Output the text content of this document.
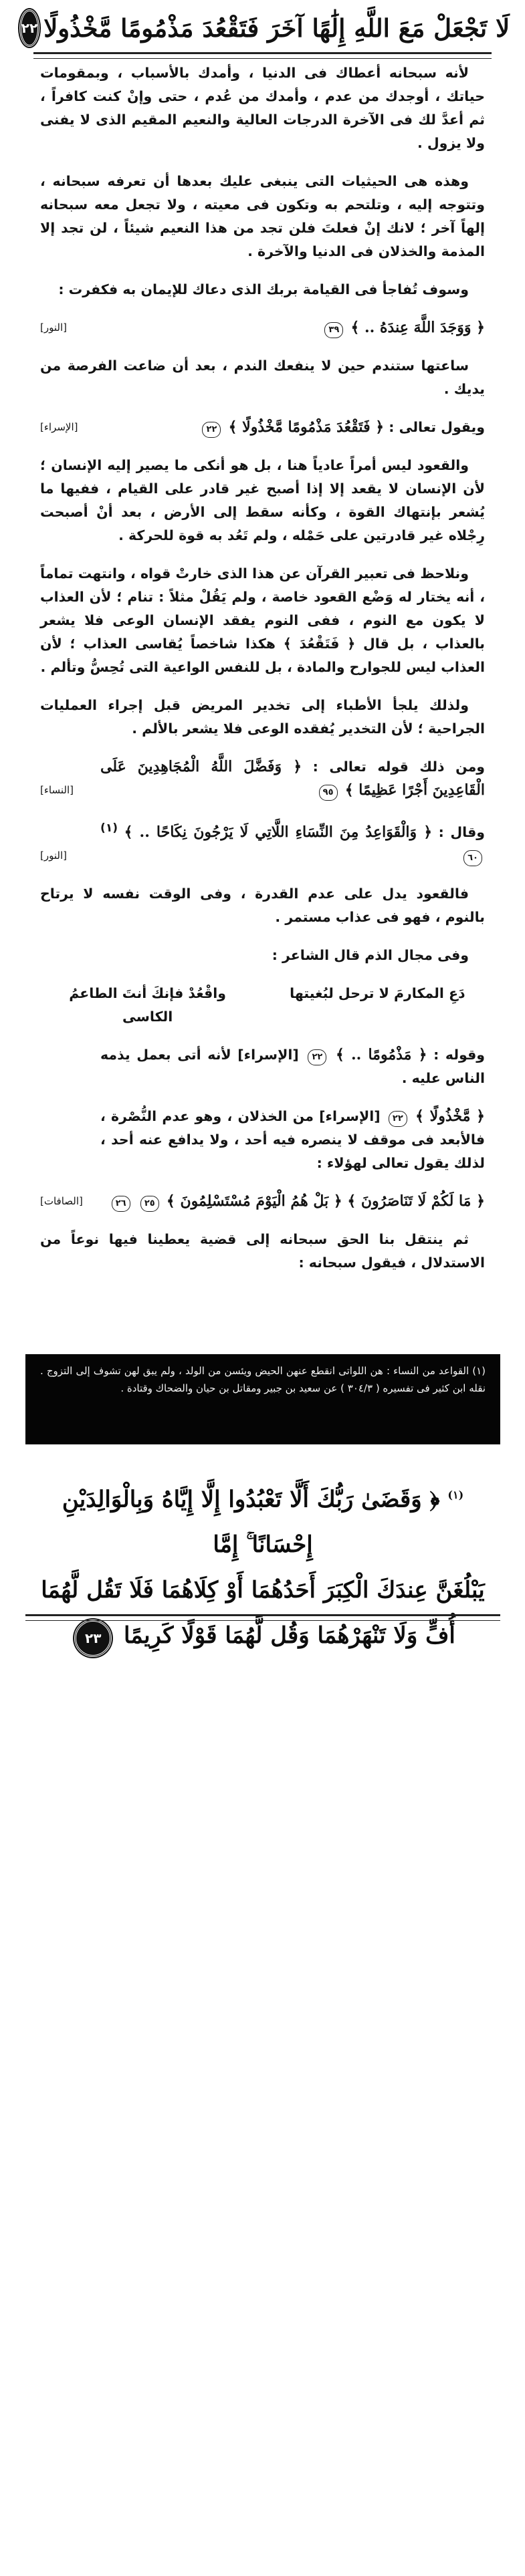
لَا تَجْعَلْ مَعَ اللَّهِ إِلَٰهًا آخَرَ فَتَقْعُدَ مَذْمُومًا مَّخْذُولًا
٢٢

لأنه سبحانه أعطاك فى الدنيا ، وأمدك بالأسباب ، وبمقومات حياتك ، أوجدك من عدم ، وأمدك من عُدم ، حتى وإنْ كنت كافراً ، ثم أعدَّ لك فى الآخرة الدرجات العالية والنعيم المقيم الذى لا يفنى ولا يزول .

وهذه هى الحيثيات التى ينبغى عليك بعدها أن تعرفه سبحانه ، وتتوجه إليه ، وتلتحم به وتكون فى معيته ، ولا تجعل معه سبحانه إلهاً آخر ؛ لانك إنْ فعلتَ فلن تجد من هذا النعيم شيئاً ، لن تجد إلا المذمة والخذلان فى الدنيا والآخرة .

وسوف تُفاجأ فى القيامة بربك الذى دعاك للإيمان به فكفرت :

﴿ وَوَجَدَ اللَّهَ عِندَهُ .. ﴾ ٣٩
[النور]

ساعتها ستندم حين لا ينفعك الندم ، بعد أن ضاعت الفرصة من يديك .

ويقول تعالى : ﴿ فَتَقْعُدَ مَذْمُومًا مَّخْذُولًا ﴾ ٢٢
[الإسراء]

والقعود ليس أمراً عادياً هنا ، بل هو أنكى ما يصير إليه الإنسان ؛ لأن الإنسان لا يقعد إلا إذا أصبح غير قادر على القيام ، ففيها ما يُشعر بإنتهاك القوة ، وكأنه سقط إلى الأرض ، بعد أنْ أصبحت رِجْلاه غير قادرتين على حَمْله ، ولم تَعُد به قوة للحركة .

ونلاحظ فى تعبير القرآن عن هذا الذى خارتْ قواه ، وانتهت تماماً ، أنه يختار له وَضْع القعود خاصة ، ولم يَقُلْ مثلاً : تنام ؛ لأن العذاب لا يكون مع النوم ، ففى النوم يفقد الإنسان الوعى فلا يشعر بالعذاب ، بل قال ﴿ فَتَقْعُدَ ﴾ هكذا شاخصاً يُقاسى العذاب ؛ لأن العذاب ليس للجوارح والمادة ، بل للنفس الواعية التى تُحِسُّ وتألم .

ولذلك يلجأ الأطباء إلى تخدير المريض قبل إجراء العمليات الجراحية ؛ لأن التخدير يُفقده الوعى فلا يشعر بالألم .

ومن ذلك قوله تعالى : ﴿ وَفَضَّلَ اللَّهُ الْمُجَاهِدِينَ عَلَى الْقَاعِدِينَ أَجْرًا عَظِيمًا ﴾ ٩٥
[النساء]
وقال : ﴿ وَالْقَوَاعِدُ مِنَ النِّسَاءِ اللَّاتِي لَا يَرْجُونَ نِكَاحًا .. ﴾ $^{(١)}$ ٦٠
[النور]

فالقعود يدل على عدم القدرة ، وفى الوقت نفسه لا يرتاح بالنوم ، فهو فى عذاب مستمر .

وفى مجال الذم قال الشاعر :

دَعِ المكارمَ لا ترحل لبُغيتها
واقْعُدْ فإنكَ أنتَ الطاعمُ الكاسى
وقوله : ﴿ مَذْمُومًا .. ﴾ ٢٢ [الإسراء] لأنه أتى بعمل يذمه الناس عليه .
﴿ مَّخْذُولًا ﴾ ٢٢ [الإسراء] من الخذلان ، وهو عدم النُّصْرة ، فالأبعد فى موقف لا ينصره فيه أحد ، ولا يدافع عنه أحد ، لذلك يقول تعالى لهؤلاء :
﴿ مَا لَكُمْ لَا تَنَاصَرُونَ ﴾ ﴿ بَلْ هُمُ الْيَوْمَ مُسْتَسْلِمُونَ ﴾ ٢٥ ٢٦
[الصافات]

ثم ينتقل بنا الحق سبحانه إلى قضية يعطينا فيها نوعاً من الاستدلال ، فيقول سبحانه :

(١) القواعد من النساء : هن اللواتى انقطع عنهن الحيض ويئسن من الولد ، ولم يبق لهن تشوف إلى التزوج . نقله ابن كثير فى تفسيره ( ٣٠٤/٣ ) عن سعيد بن جبير ومقاتل بن حيان والضحاك وقتادة .
$^{(١)}$ ﴿ وَقَضَىٰ رَبُّكَ أَلَّا تَعْبُدُوا إِلَّا إِيَّاهُ وَبِالْوَالِدَيْنِ إِحْسَانًا ۚ إِمَّا
يَبْلُغَنَّ عِندَكَ الْكِبَرَ أَحَدُهُمَا أَوْ كِلَاهُمَا فَلَا تَقُل لَّهُمَا
أُفٍّ وَلَا تَنْهَرْهُمَا وَقُل لَّهُمَا قَوْلًا كَرِيمًا ٢٣
